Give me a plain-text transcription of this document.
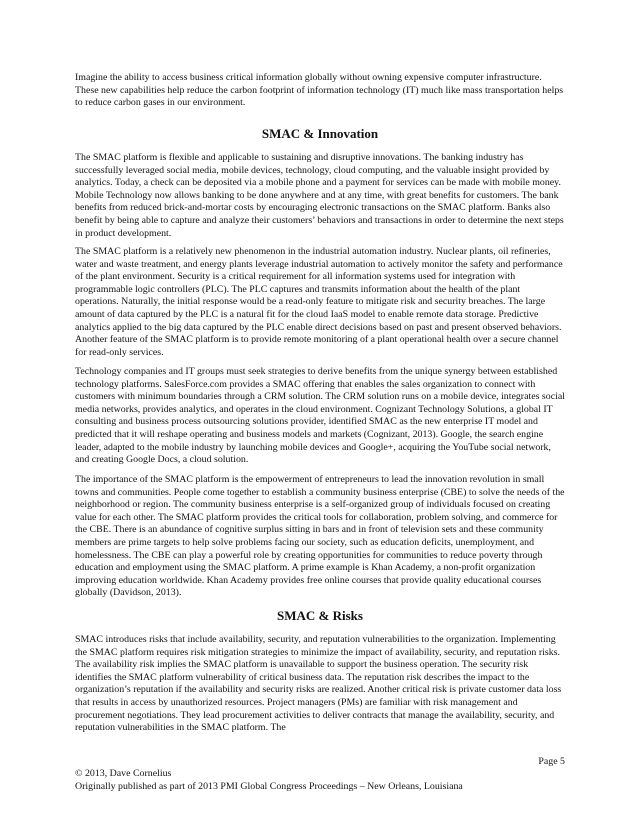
Imagine the ability to access business critical information globally without owning expensive computer infrastructure. These new capabilities help reduce the carbon footprint of information technology (IT) much like mass transportation helps to reduce carbon gases in our environment.

SMAC & Innovation

The SMAC platform is flexible and applicable to sustaining and disruptive innovations. The banking industry has successfully leveraged social media, mobile devices, technology, cloud computing, and the valuable insight provided by analytics. Today, a check can be deposited via a mobile phone and a payment for services can be made with mobile money. Mobile Technology now allows banking to be done anywhere and at any time, with great benefits for customers. The bank benefits from reduced brick-and-mortar costs by encouraging electronic transactions on the SMAC platform. Banks also benefit by being able to capture and analyze their customers’ behaviors and transactions in order to determine the next steps in product development.

The SMAC platform is a relatively new phenomenon in the industrial automation industry. Nuclear plants, oil refineries, water and waste treatment, and energy plants leverage industrial automation to actively monitor the safety and performance of the plant environment. Security is a critical requirement for all information systems used for integration with programmable logic controllers (PLC). The PLC captures and transmits information about the health of the plant operations. Naturally, the initial response would be a read-only feature to mitigate risk and security breaches. The large amount of data captured by the PLC is a natural fit for the cloud IaaS model to enable remote data storage. Predictive analytics applied to the big data captured by the PLC enable direct decisions based on past and present observed behaviors. Another feature of the SMAC platform is to provide remote monitoring of a plant operational health over a secure channel for read-only services.

Technology companies and IT groups must seek strategies to derive benefits from the unique synergy between established technology platforms. SalesForce.com provides a SMAC offering that enables the sales organization to connect with customers with minimum boundaries through a CRM solution. The CRM solution runs on a mobile device, integrates social media networks, provides analytics, and operates in the cloud environment. Cognizant Technology Solutions, a global IT consulting and business process outsourcing solutions provider, identified SMAC as the new enterprise IT model and predicted that it will reshape operating and business models and markets (Cognizant, 2013). Google, the search engine leader, adapted to the mobile industry by launching mobile devices and Google+, acquiring the YouTube social network, and creating Google Docs, a cloud solution.

The importance of the SMAC platform is the empowerment of entrepreneurs to lead the innovation revolution in small towns and communities. People come together to establish a community business enterprise (CBE) to solve the needs of the neighborhood or region. The community business enterprise is a self-organized group of individuals focused on creating value for each other. The SMAC platform provides the critical tools for collaboration, problem solving, and commerce for the CBE. There is an abundance of cognitive surplus sitting in bars and in front of television sets and these community members are prime targets to help solve problems facing our society, such as education deficits, unemployment, and homelessness. The CBE can play a powerful role by creating opportunities for communities to reduce poverty through education and employment using the SMAC platform. A prime example is Khan Academy, a non-profit organization improving education worldwide. Khan Academy provides free online courses that provide quality educational courses globally (Davidson, 2013).

SMAC & Risks

SMAC introduces risks that include availability, security, and reputation vulnerabilities to the organization. Implementing the SMAC platform requires risk mitigation strategies to minimize the impact of availability, security, and reputation risks. The availability risk implies the SMAC platform is unavailable to support the business operation. The security risk identifies the SMAC platform vulnerability of critical business data. The reputation risk describes the impact to the organization’s reputation if the availability and security risks are realized. Another critical risk is private customer data loss that results in access by unauthorized resources. Project managers (PMs) are familiar with risk management and procurement negotiations. They lead procurement activities to deliver contracts that manage the availability, security, and reputation vulnerabilities in the SMAC platform. The

Page 5

© 2013, Dave Cornelius

Originally published as part of 2013 PMI Global Congress Proceedings – New Orleans, Louisiana
